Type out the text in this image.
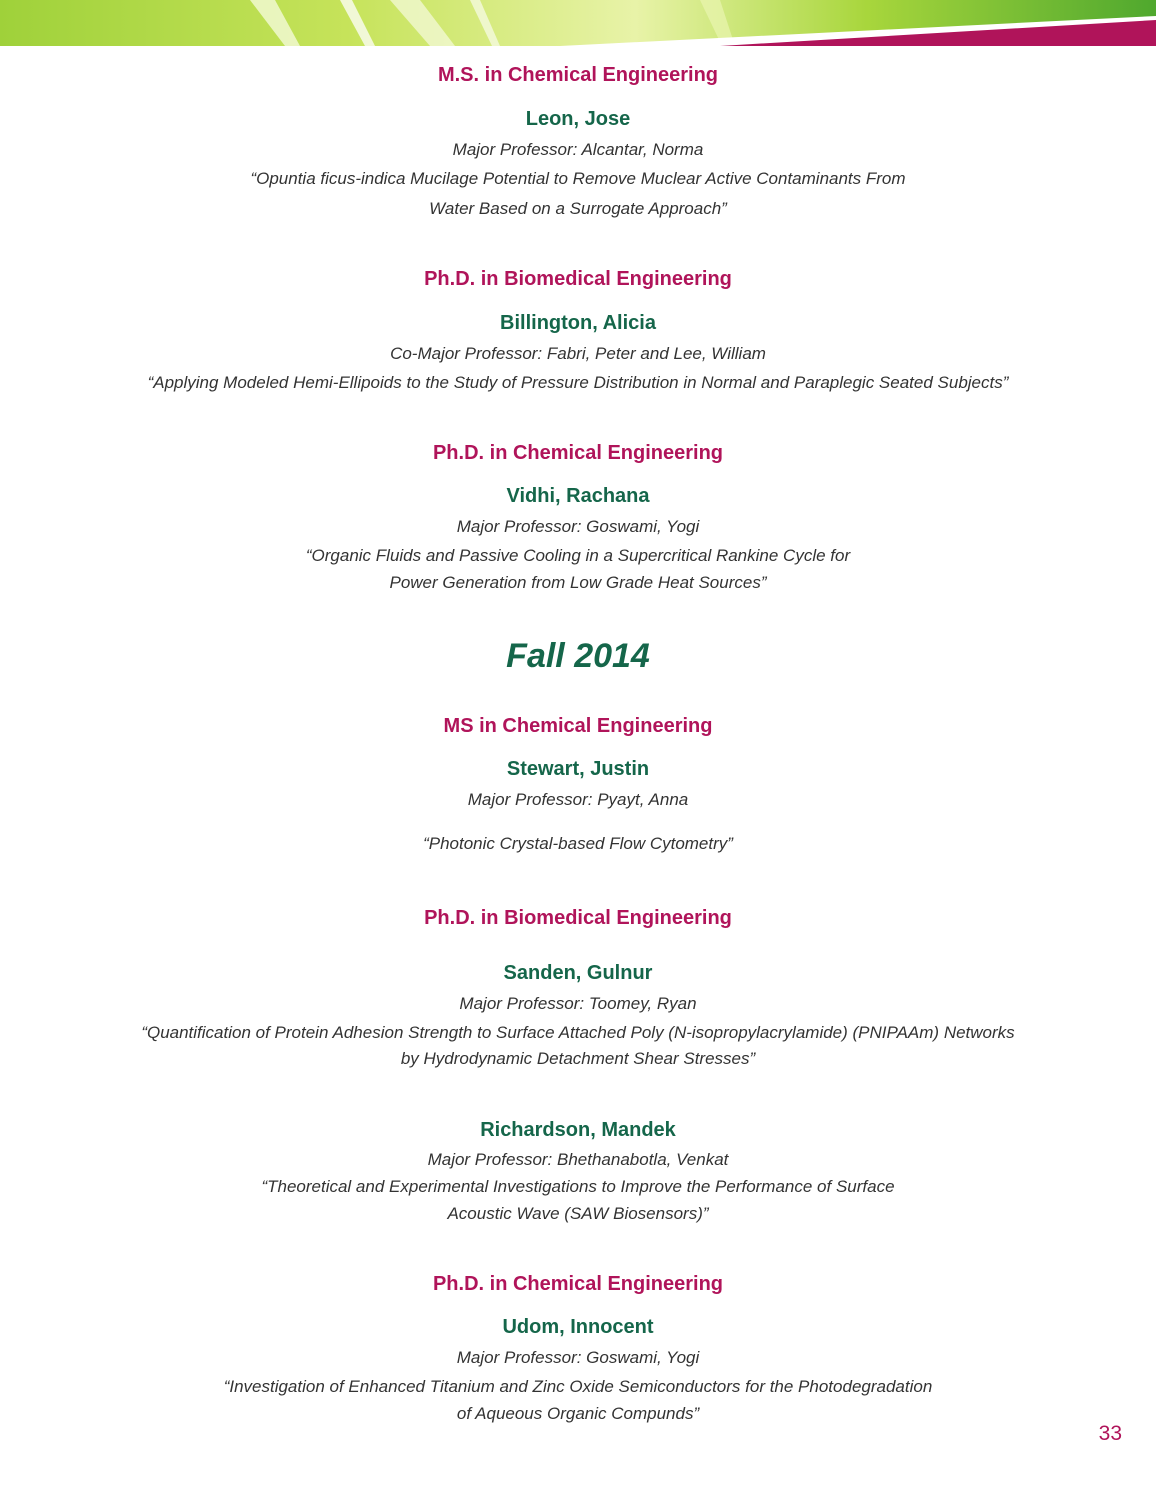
M.S. in Chemical Engineering
Leon, Jose
Major Professor: Alcantar, Norma
“Opuntia ficus-indica Mucilage Potential to Remove Muclear Active Contaminants From
Water Based on a Surrogate Approach”
Ph.D. in Biomedical Engineering
Billington, Alicia
Co-Major Professor: Fabri, Peter and Lee, William
“Applying Modeled Hemi-Ellipoids to the Study of Pressure Distribution in Normal and Paraplegic Seated Subjects”
Ph.D. in Chemical Engineering
Vidhi, Rachana
Major Professor: Goswami, Yogi
“Organic Fluids and Passive Cooling in a Supercritical Rankine Cycle for
Power Generation from Low Grade Heat Sources”
Fall 2014
MS in Chemical Engineering
Stewart, Justin
Major Professor: Pyayt, Anna
“Photonic Crystal-based Flow Cytometry”
Ph.D. in Biomedical Engineering
Sanden, Gulnur
Major Professor: Toomey, Ryan
“Quantification of Protein Adhesion Strength to Surface Attached Poly (N-isopropylacrylamide) (PNIPAAm) Networks
by Hydrodynamic Detachment Shear Stresses”
Richardson, Mandek
Major Professor: Bhethanabotla, Venkat
“Theoretical and Experimental Investigations to Improve the Performance of Surface
Acoustic Wave (SAW Biosensors)”
Ph.D. in Chemical Engineering
Udom, Innocent
Major Professor: Goswami, Yogi
“Investigation of Enhanced Titanium and Zinc Oxide Semiconductors for the Photodegradation
of Aqueous Organic Compunds”
33
